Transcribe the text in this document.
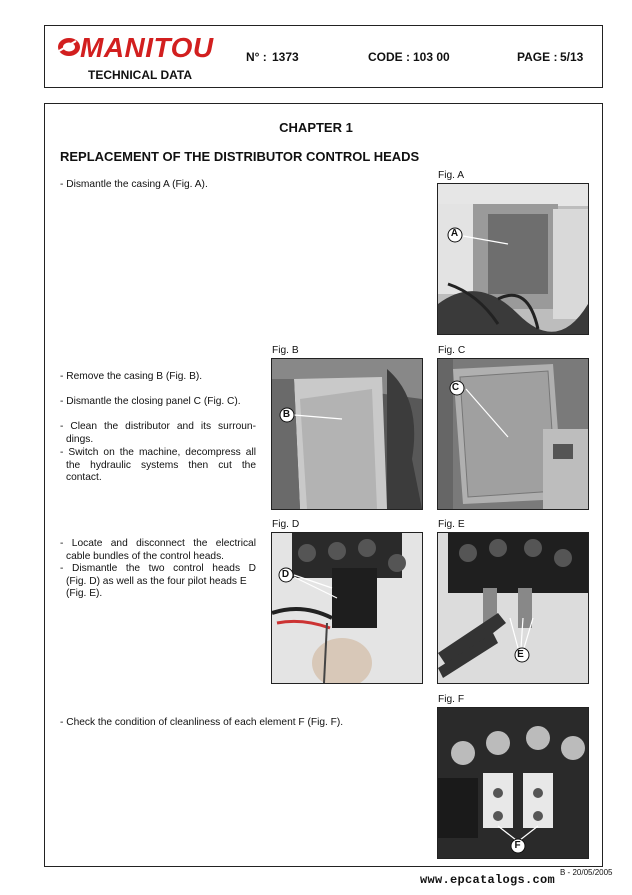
MANITOU
TECHNICAL DATA
N° : 1373	CODE : 103 00	PAGE : 5/13
CHAPTER 1
REPLACEMENT OF THE DISTRIBUTOR CONTROL HEADS
- Dismantle the casing A (Fig. A).
- Remove the casing B (Fig. B).
- Dismantle the closing panel C (Fig. C).
- Clean the distributor and its surroun-
dings.
- Switch on the machine, decompress all
the hydraulic systems then cut the
contact.
- Locate and disconnect the electrical
cable bundles of the control heads.
- Dismantle the two control heads D
(Fig. D) as well as the four pilot heads E
(Fig. E).
- Check the condition of cleanliness of each element F (Fig. F).
Fig. A
A
Fig. B
B
Fig. C
C
Fig. D
D
Fig. E
E
Fig. F
F
B - 20/05/2005
www.epcatalogs.com
